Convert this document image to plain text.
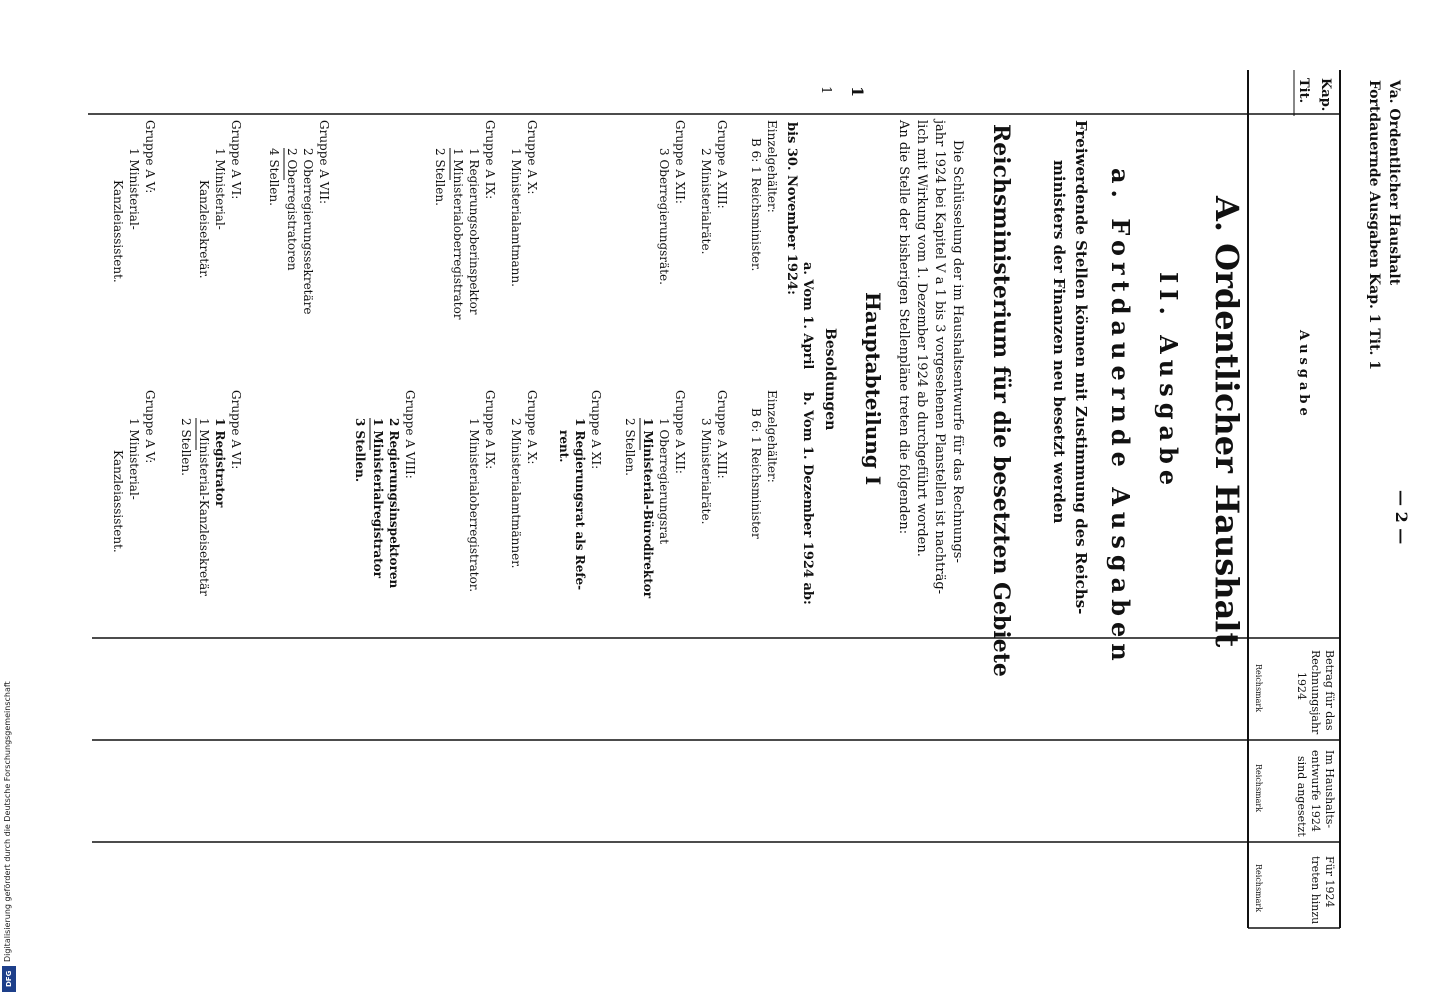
Va. Ordentlicher Haushalt
Fortdauernde Ausgaben Kap. 1 Tit. 1
— 2 —
Kap.
Tit.
Ausgabe
Betrag für das
Rechnungsjahr
1924
Reichsmark
Im Haushalts-
entwurfe 1924
sind angesetzt
Reichsmark
Für 1924
treten hinzu
Reichsmark
A. Ordentlicher Haushalt
II. Ausgabe
a. Fortdauernde Ausgaben
Freiwerdende Stellen können mit Zustimmung des Reichs-
ministers der Finanzen neu besetzt werden
Reichsministerium für die besetzten Gebiete
Die Schlüsselung der im Haushaltsentwurfe für das Rechnungs-
jahr 1924 bei Kapitel V a 1 bis 3 vorgesehenen Planstellen ist nachträg-
lich mit Wirkung vom 1. Dezember 1924 ab durchgeführt worden.
An die Stelle der bisherigen Stellenpläne treten die folgenden:
Hauptabteilung I
Besoldungen
1
1
a. Vom 1. April
bis 30. November 1924:
Einzelgehälter:
B 6: 1 Reichsminister.
Gruppe A XIII:
2 Ministerialräte.
Gruppe A XII:
3 Oberregierungsräte.
Gruppe A X:
1 Ministerialamtmann.
Gruppe A IX:
1 Regierungsoberinspektor
1 Ministerialoberregistrator
2 Stellen.
Gruppe A VII:
2 Oberregierungssekretäre
2 Oberregistratoren
4 Stellen.
Gruppe A VI:
1 Ministerial-
Kanzleisekretär.
Gruppe A V:
1 Ministerial-
Kanzleiassistent.
b. Vom 1. Dezember 1924 ab:
Einzelgehälter:
B 6: 1 Reichsminister
Gruppe A XIII:
3 Ministerialräte.
Gruppe A XII:
1 Oberregierungsrat
1 Ministerial-Bürodirektor
2 Stellen.
Gruppe A XI:
1 Regierungsrat als Refe-
rent.
Gruppe A X:
2 Ministerialamtmänner.
Gruppe A IX:
1 Ministerialoberregistrator.
Gruppe A VIII:
2 Regierungsinspektoren
1 Ministerialregistrator
3 Stellen.
Gruppe A VI:
1 Registrator
1 Ministerial-Kanzleisekretär
2 Stellen.
Gruppe A V:
1 Ministerial-
Kanzleiassistent.
Digitalisierung gefördert durch die Deutsche Forschungsgemeinschaft
DFG
